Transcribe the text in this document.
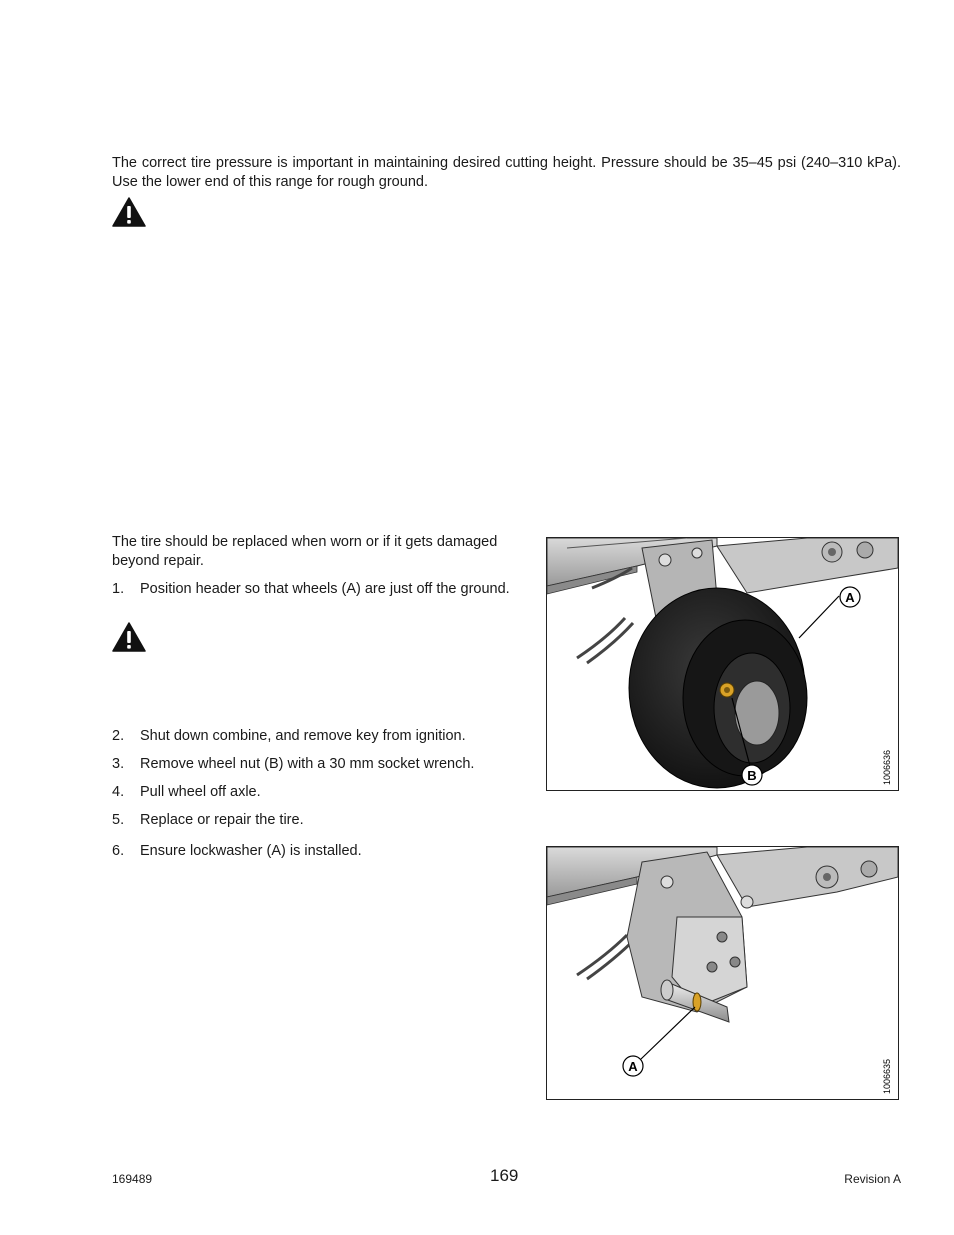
The correct tire pressure is important in maintaining desired cutting height. Pressure should be 35–45 psi (240–310 kPa). Use the lower end of this range for rough ground.

The tire should be replaced when worn or if it gets damaged beyond repair.

1.	Position header so that wheels (A) are just off the ground.
2.	Shut down combine, and remove key from ignition.
3.	Remove wheel nut (B) with a 30 mm socket wrench.
4.	Pull wheel off axle.
5.	Replace or repair the tire.
6.	Ensure lockwasher (A) is installed.
A
B	1006636
A	1006635
169489	169	Revision A
